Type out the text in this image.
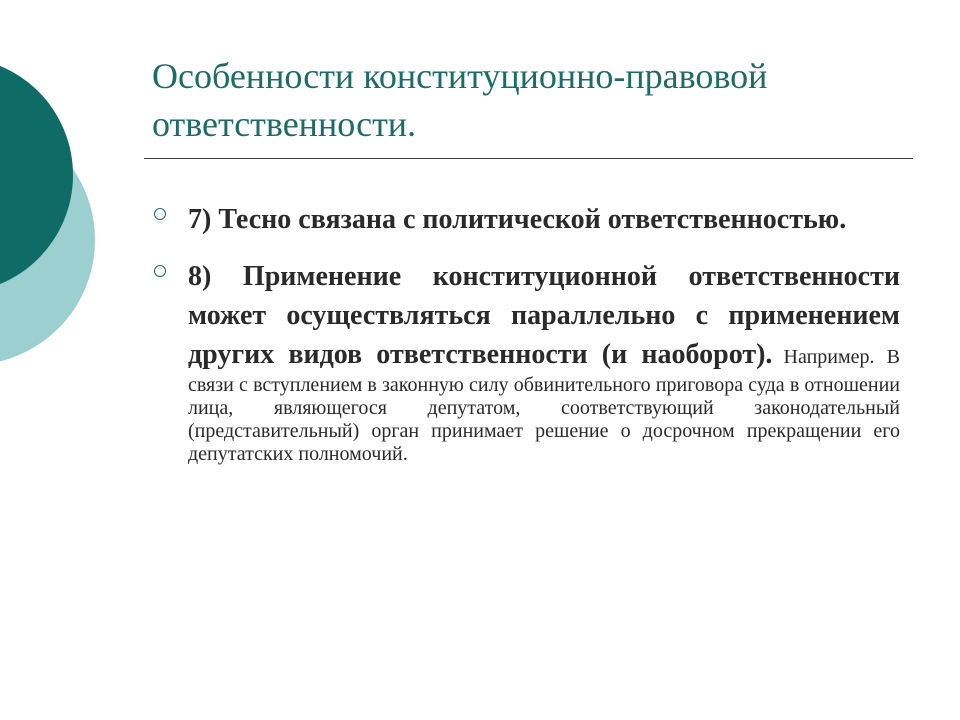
Особенности конституционно-правовой ответственности.

7) Тесно связана с политической ответственностью.

8) Применение конституционной ответственности может осуществляться параллельно с применением других видов ответственности (и наоборот). Например. В связи с вступлением в законную силу обвинительного приговора суда в отношении лица, являющегося депутатом, соответствующий законодательный (представительный) орган принимает решение о досрочном прекращении его депутатских полномочий.
